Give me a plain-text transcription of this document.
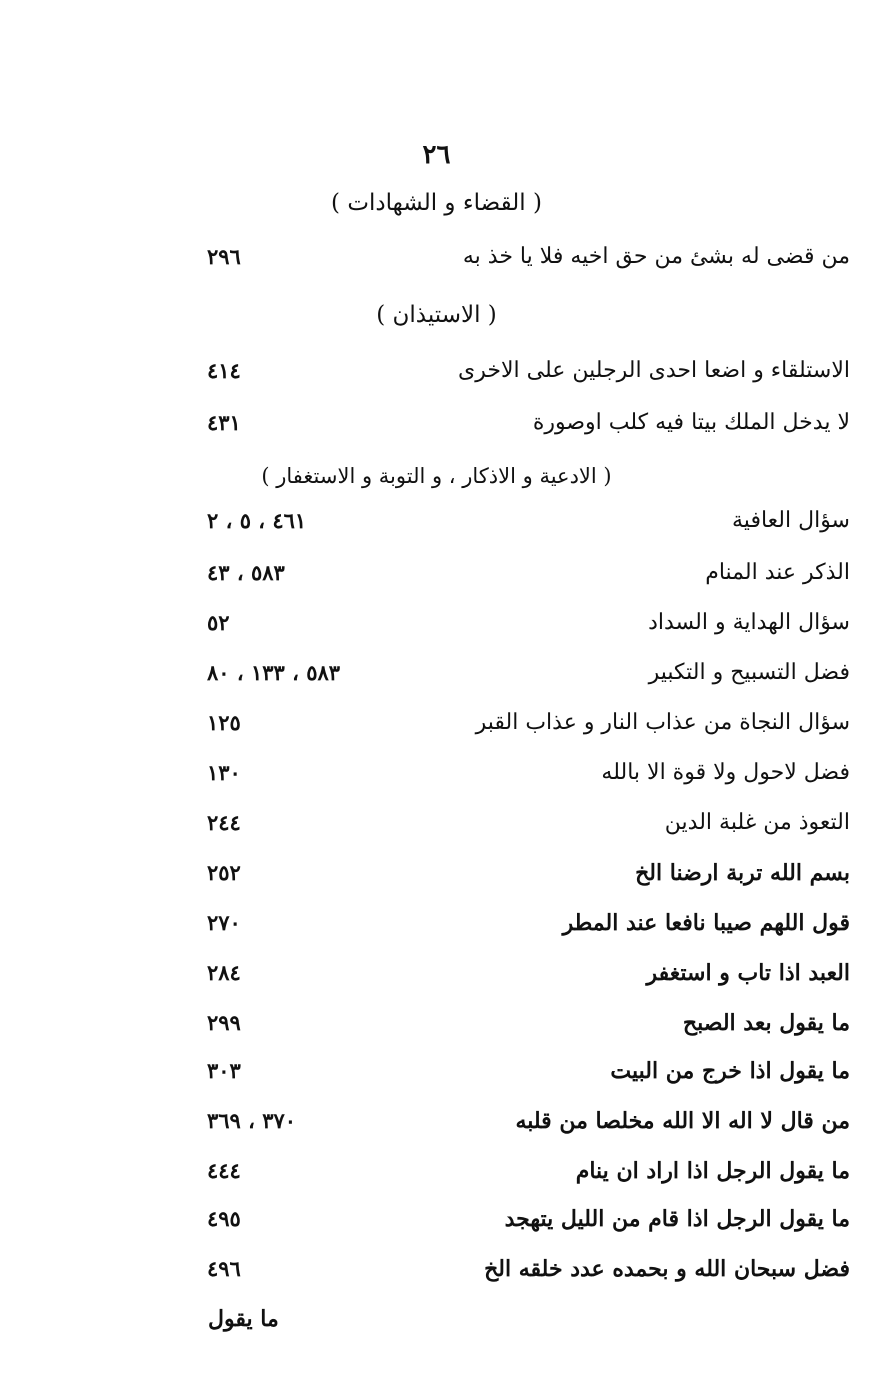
٢٦
( القضاء و الشهادات )
من قضى له بشئ من حق اخيه فلا يا خذ به
٢٩٦
( الاستيذان )
الاستلقاء و اضعا احدى الرجلين على الاخرى
٤١٤
لا يدخل الملك بيتا فيه كلب اوصورة
٤٣١
( الادعية و الاذكار ، و التوبة و الاستغفار )
سؤال العافية
٤٦١ ، ٥ ، ٢
الذكر عند المنام
٥٨٣ ، ٤٣
سؤال الهداية و السداد
٥٢
فضل التسبيح و التكبير
٥٨٣ ، ١٣٣ ، ٨٠
سؤال النجاة من عذاب النار و عذاب القبر
١٢٥
فضل لاحول ولا قوة الا بالله
١٣٠
التعوذ من غلبة الدين
٢٤٤
بسم الله تربة ارضنا الخ
٢٥٢
قول اللهم صيبا نافعا عند المطر
٢٧٠
العبد اذا تاب و استغفر
٢٨٤
ما يقول بعد الصبح
٢٩٩
ما يقول اذا خرج من البيت
٣٠٣
من قال لا اله الا الله مخلصا من قلبه
٣٧٠ ، ٣٦٩
ما يقول الرجل اذا اراد ان ينام
٤٤٤
ما يقول الرجل اذا قام من الليل يتهجد
٤٩٥
فضل سبحان الله و بحمده عدد خلقه الخ
٤٩٦
ما يقول
